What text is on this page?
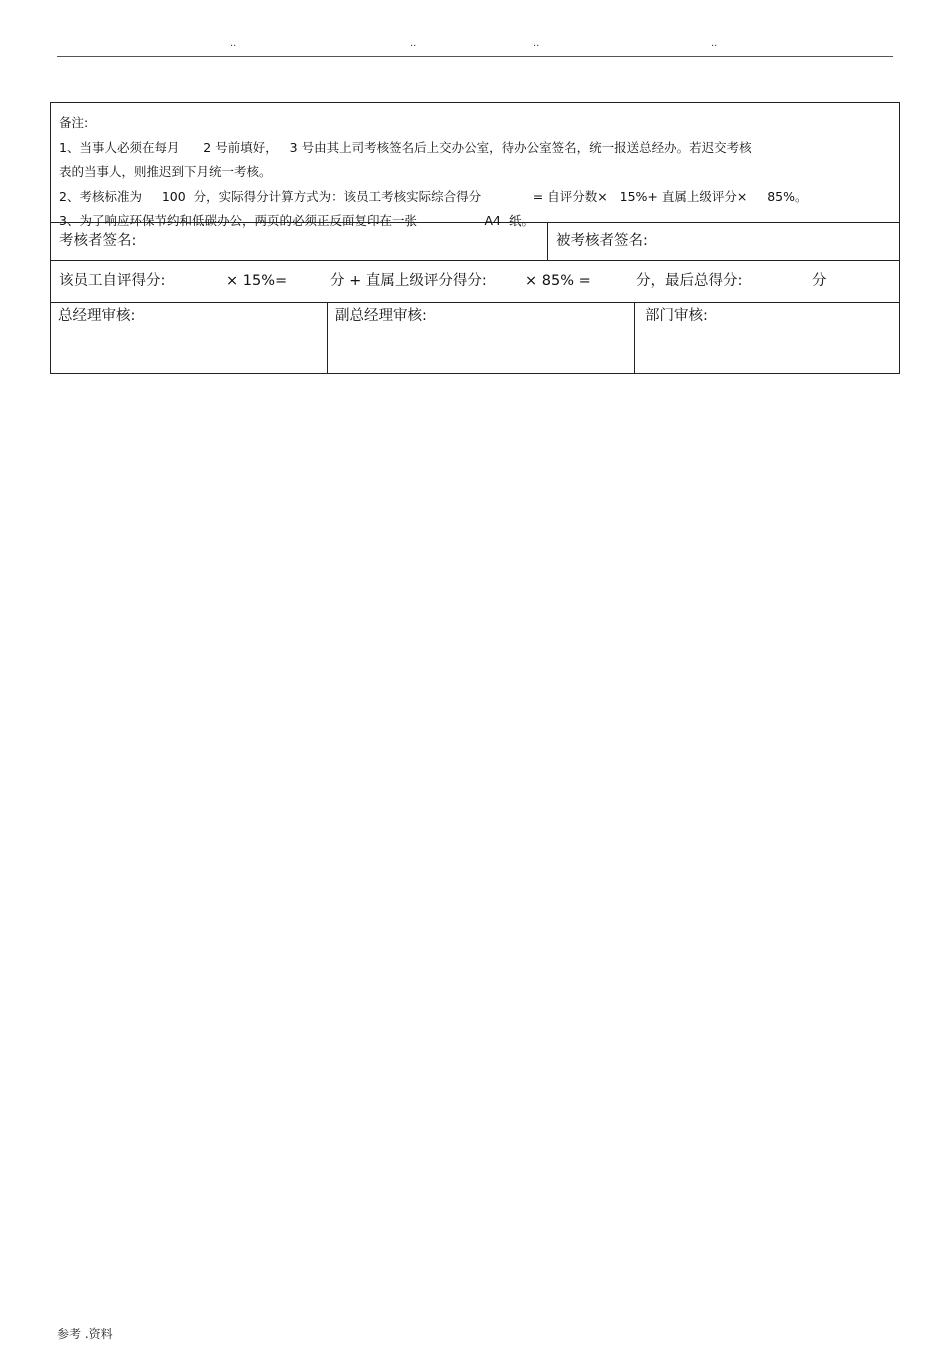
..	..	..	..
备注:
1、当事人必须在每月      2 号前填好，   3 号由其上司考核签名后上交办公室，待办公室签名，统一报送总经办。若迟交考核
表的当事人，则推迟到下月统一考核。
2、考核标准为     100  分，实际得分计算方式为：该员工考核实际综合得分             = 自评分数×   15%+ 直属上级评分×     85%。
3、为了响应环保节约和低碳办公，两页的必须正反面复印在一张                 A4  纸。
考核者签名:	被考核者签名:
该员工自评得分:	× 15%=	分 + 直属上级评分得分:	× 85% =	分，最后总得分:	分
总经理审核:	副总经理审核:	部门审核:
参考 .资料
